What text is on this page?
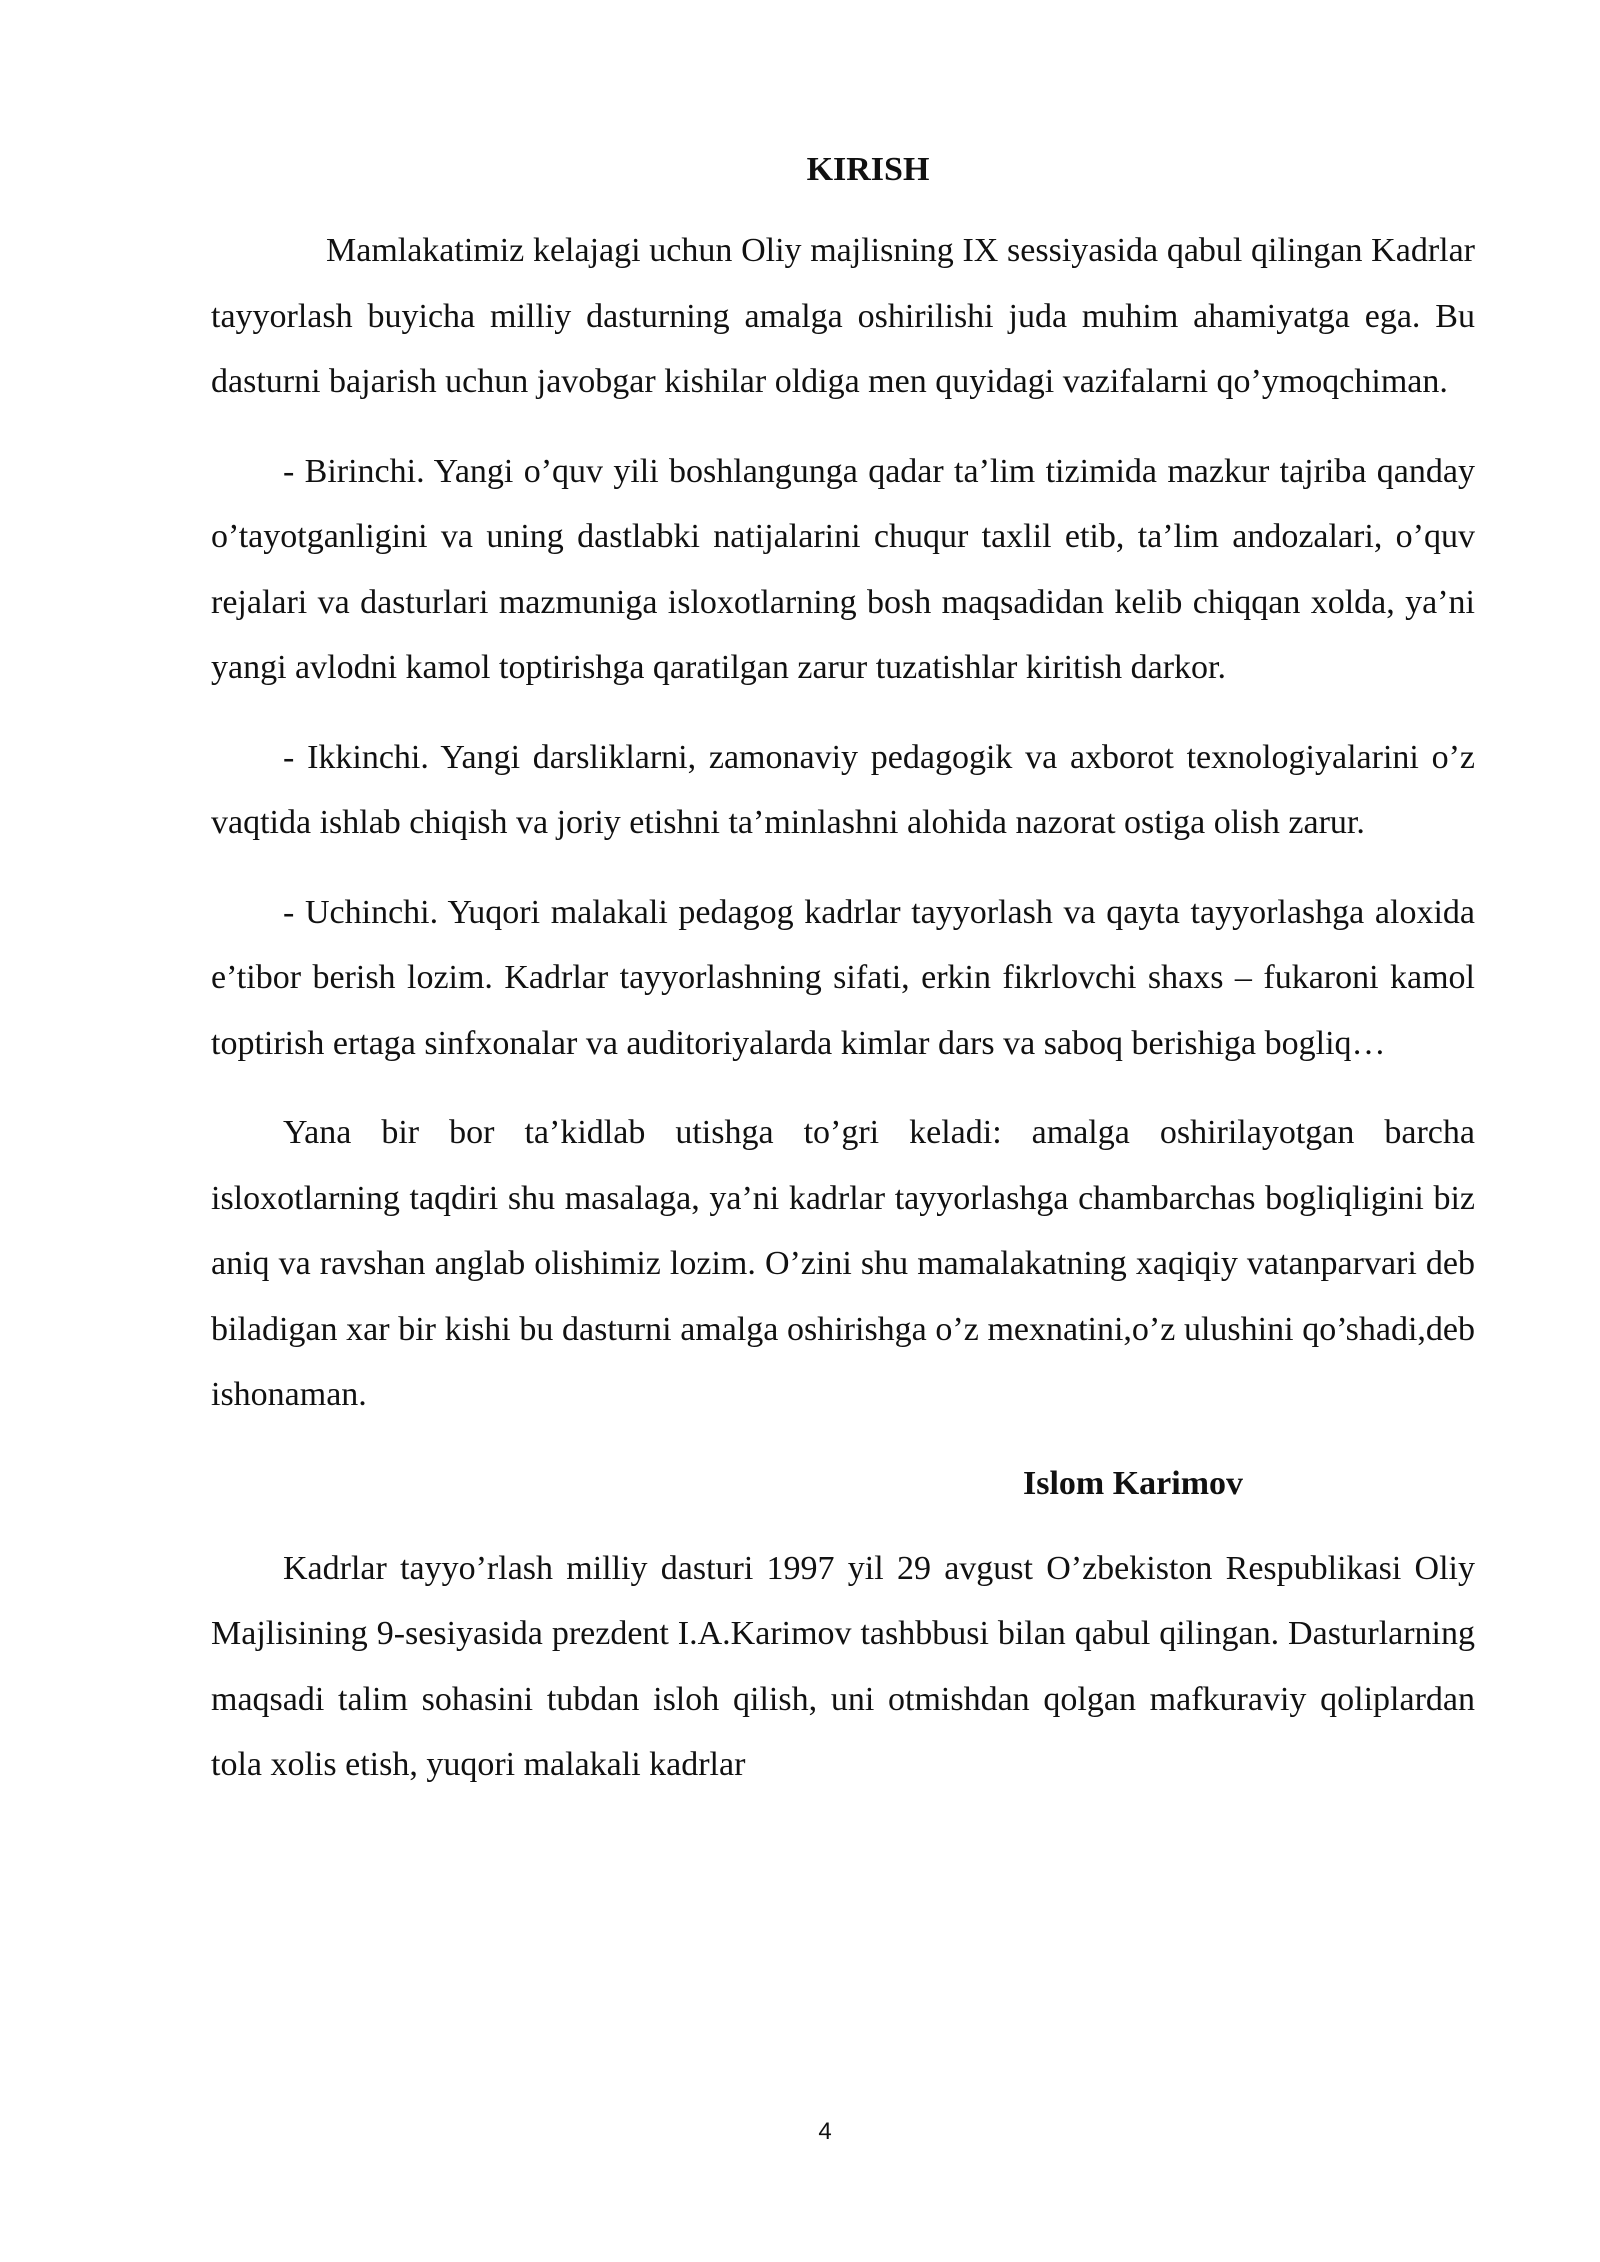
KIRISH

Mamlakatimiz kelajagi uchun Oliy majlisning IX sessiyasida qabul qilingan Kadrlar tayyorlash buyicha milliy dasturning amalga oshirilishi juda muhim ahamiyatga ega. Bu dasturni bajarish uchun javobgar kishilar oldiga men quyidagi vazifalarni qo’ymoqchiman.

- Birinchi. Yangi o’quv yili boshlangunga qadar ta’lim tizimida mazkur tajriba qanday o’tayotganligini va uning dastlabki natijalarini chuqur taxlil etib, ta’lim andozalari, o’quv rejalari va dasturlari mazmuniga isloxotlarning bosh maqsadidan kelib chiqqan xolda, ya’ni yangi avlodni kamol toptirishga qaratilgan zarur tuzatishlar kiritish darkor.

- Ikkinchi. Yangi darsliklarni, zamonaviy pedagogik va axborot texnologiyalarini o’z vaqtida ishlab chiqish va joriy etishni ta’minlashni alohida nazorat ostiga olish zarur.

- Uchinchi. Yuqori malakali pedagog kadrlar tayyorlash va qayta tayyorlashga aloxida e’tibor berish lozim. Kadrlar tayyorlashning sifati, erkin fikrlovchi shaxs – fukaroni kamol toptirish ertaga sinfxonalar va auditoriyalarda kimlar dars va saboq berishiga bogliq…

Yana bir bor ta’kidlab utishga to’gri keladi: amalga oshirilayotgan barcha isloxotlarning taqdiri shu masalaga, ya’ni kadrlar tayyorlashga chambarchas bogliqligini biz aniq va ravshan anglab olishimiz lozim. O’zini shu mamalakatning xaqiqiy vatanparvari deb biladigan xar bir kishi bu dasturni amalga oshirishga o’z mexnatini,o’z ulushini qo’shadi,deb ishonaman.

Islom Karimov

Kadrlar tayyo’rlash milliy dasturi 1997 yil 29 avgust O’zbekiston Respublikasi Oliy Majlisining 9-sesiyasida prezdent I.A.Karimov tashbbusi bilan qabul qilingan. Dasturlarning maqsadi talim sohasini tubdan isloh qilish, uni otmishdan qolgan mafkuraviy qoliplardan tola xolis etish, yuqori malakali kadrlar

4
